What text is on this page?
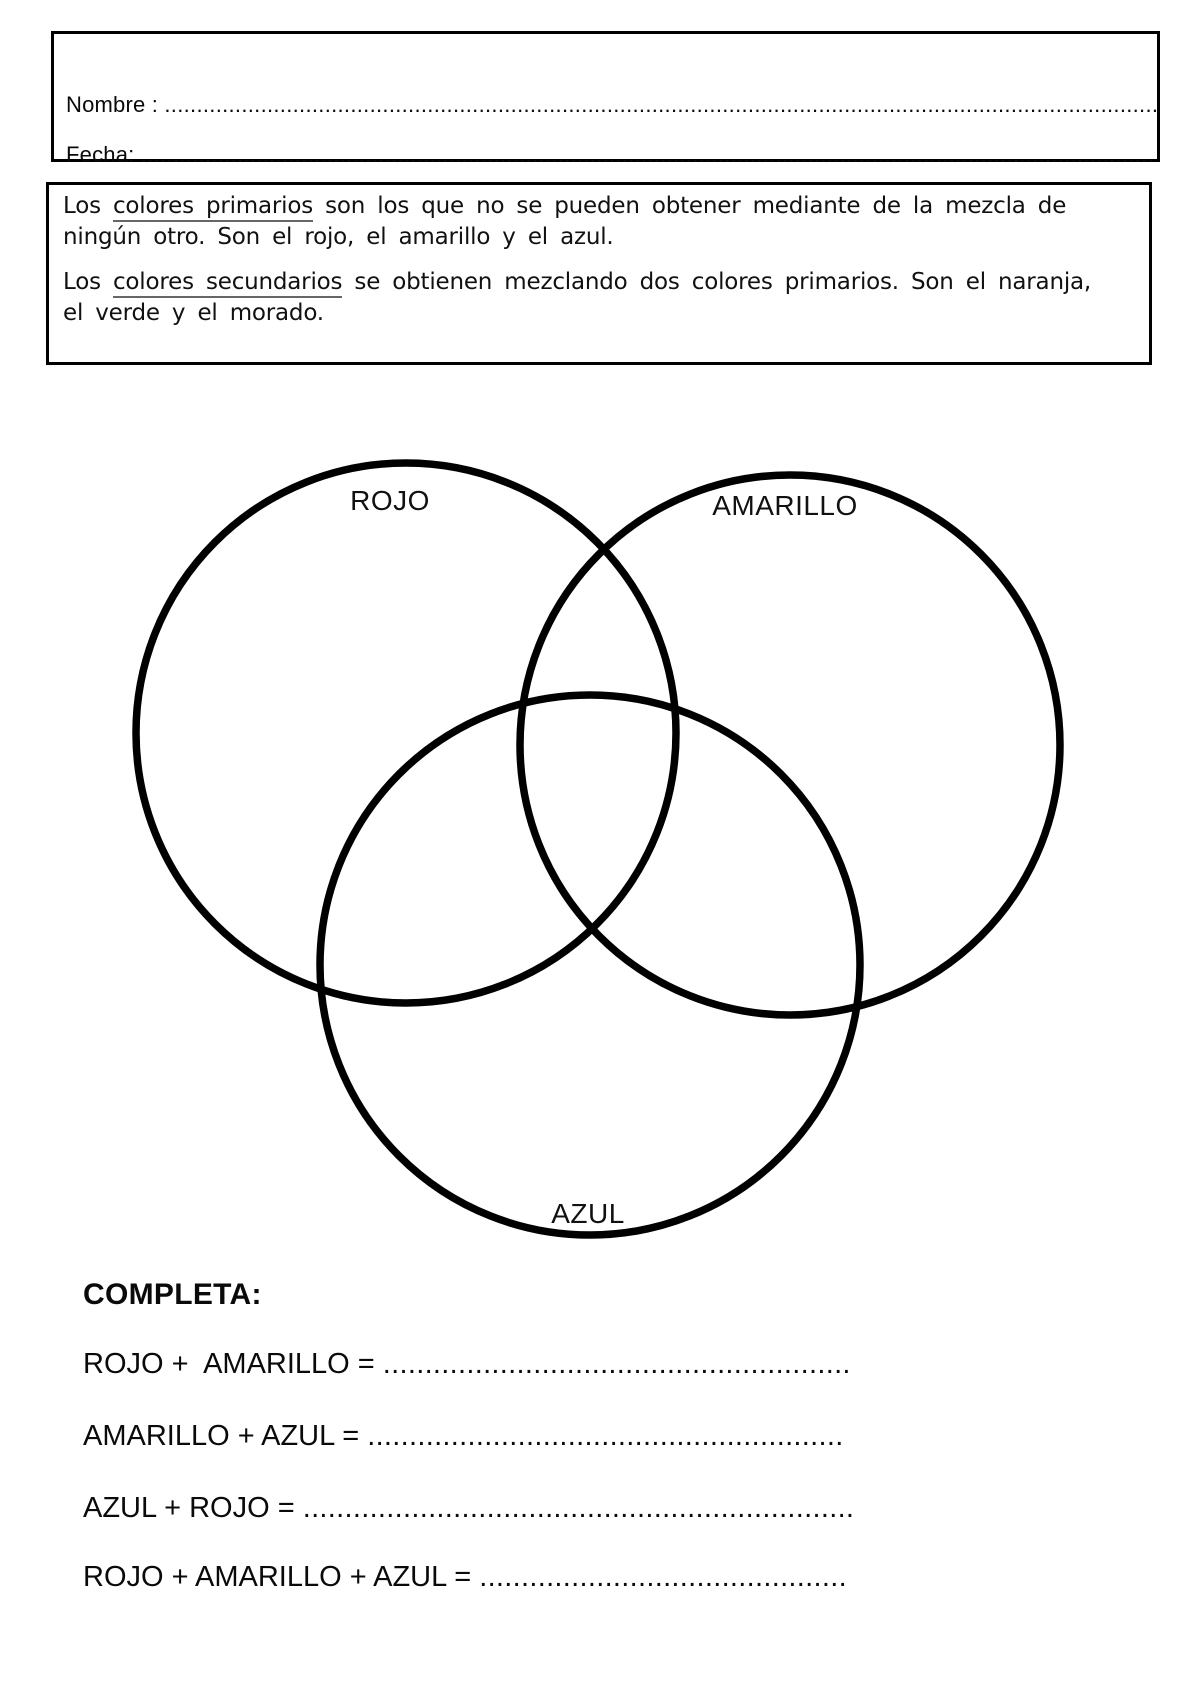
Nombre : ...........................................................................................................................................................
Fecha: ..............................................................................................................................................................

Los colores primarios son los que no se pueden obtener mediante de la mezcla de
ningún otro. Son el rojo, el amarillo y el azul.

Los colores secundarios se obtienen mezclando dos colores primarios. Son el naranja,
el verde y el morado.

ROJO	AMARILLO
AZUL
COMPLETA:
ROJO +  AMARILLO = ........................................................
AMARILLO + AZUL = .........................................................
AZUL + ROJO = ..................................................................
ROJO + AMARILLO + AZUL = ............................................
